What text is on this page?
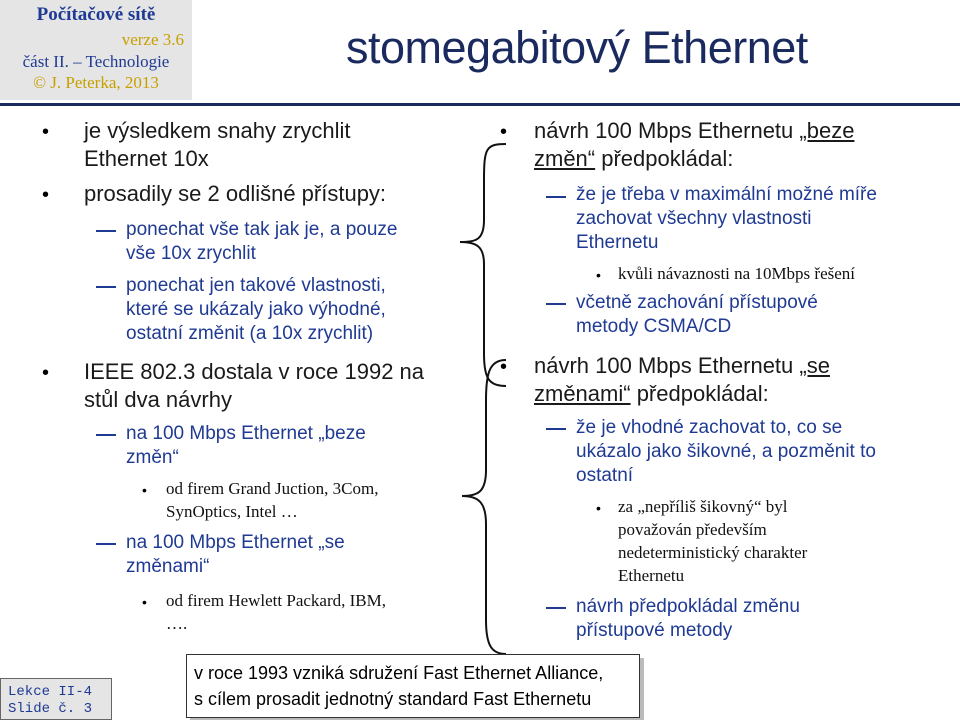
Počítačové sítě
verze 3.6
část II. – Technologie
© J. Peterka, 2013
stomegabitový Ethernet
• je výsledkem snahy zrychlit
Ethernet 10x
• prosadily se 2 odlišné přístupy:
ponechat vše tak jak je, a pouze
vše 10x zrychlit
ponechat jen takové vlastnosti,
které se ukázaly jako výhodné,
ostatní změnit (a 10x zrychlit)
• IEEE 802.3 dostala v roce 1992 na
stůl dva návrhy
na 100 Mbps Ethernet „beze
změn“
• od firem Grand Juction, 3Com,
SynOptics, Intel …
na 100 Mbps Ethernet „se
změnami“
• od firem Hewlett Packard, IBM,
….
• návrh 100 Mbps Ethernetu „beze
změn“ předpokládal:
že je třeba v maximální možné míře
zachovat všechny vlastnosti
Ethernetu
• kvůli návaznosti na 10Mbps řešení
včetně zachování přístupové
metody CSMA/CD
• návrh 100 Mbps Ethernetu „se
změnami“ předpokládal:
že je vhodné zachovat to, co se
ukázalo jako šikovné, a pozměnit to
ostatní
• za „nepříliš šikovný“ byl
považován především
nedeterministický charakter
Ethernetu
návrh předpokládal změnu
přístupové metody
v roce 1993 vzniká sdružení Fast Ethernet Alliance,
s cílem prosadit jednotný standard Fast Ethernetu
Lekce II-4
Slide č. 3
